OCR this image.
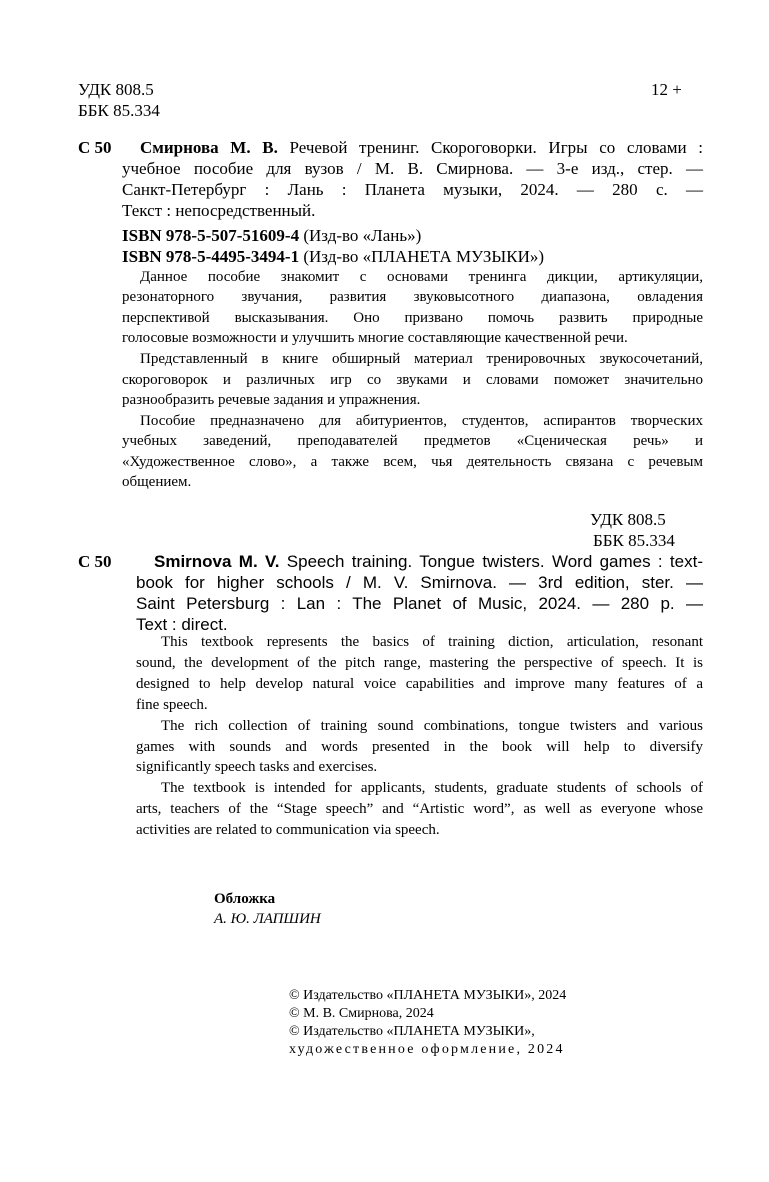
УДК 808.5
ББК 85.334
12 +
С 50 Смирнова М. В. Речевой тренинг. Скороговорки. Игры со словами :
учебное пособие для вузов / М. В. Смирнова. — 3-е изд., стер. —
Санкт-Петербург : Лань : Планета музыки, 2024. — 280 с. —
Текст : непосредственный.
ISBN 978-5-507-51609-4 (Изд-во «Лань»)
ISBN 978-5-4495-3494-1 (Изд-во «ПЛАНЕТА МУЗЫКИ»)
Данное пособие знакомит с основами тренинга дикции, артикуляции,
резонаторного звучания, развития звуковысотного диапазона, овладения
перспективой высказывания. Оно призвано помочь развить природные
голосовые возможности и улучшить многие составляющие качественной речи.
Представленный в книге обширный материал тренировочных звукосочетаний,
скороговорок и различных игр со звуками и словами поможет значительно
разнообразить речевые задания и упражнения.
Пособие предназначено для абитуриентов, студентов, аспирантов творческих
учебных заведений, преподавателей предметов «Сценическая речь» и
«Художественное слово», а также всем, чья деятельность связана с речевым
общением.
УДК 808.5
ББК 85.334
С 50 Smirnova M. V. Speech training. Tongue twisters. Word games : text-
book for higher schools / M. V. Smirnova. — 3rd edition, ster. —
Saint Petersburg : Lan : The Planet of Music, 2024. — 280 p. —
Text : direct.
This textbook represents the basics of training diction, articulation, resonant
sound, the development of the pitch range, mastering the perspective of speech. It is
designed to help develop natural voice capabilities and improve many features of a
fine speech.
The rich collection of training sound combinations, tongue twisters and various
games with sounds and words presented in the book will help to diversify
significantly speech tasks and exercises.
The textbook is intended for applicants, students, graduate students of schools of
arts, teachers of the “Stage speech” and “Artistic word”, as well as everyone whose
activities are related to communication via speech.
Обложка
А. Ю. ЛАПШИН
© Издательство «ПЛАНЕТА МУЗЫКИ», 2024
© М. В. Смирнова, 2024
© Издательство «ПЛАНЕТА МУЗЫКИ»,
художественное оформление, 2024
